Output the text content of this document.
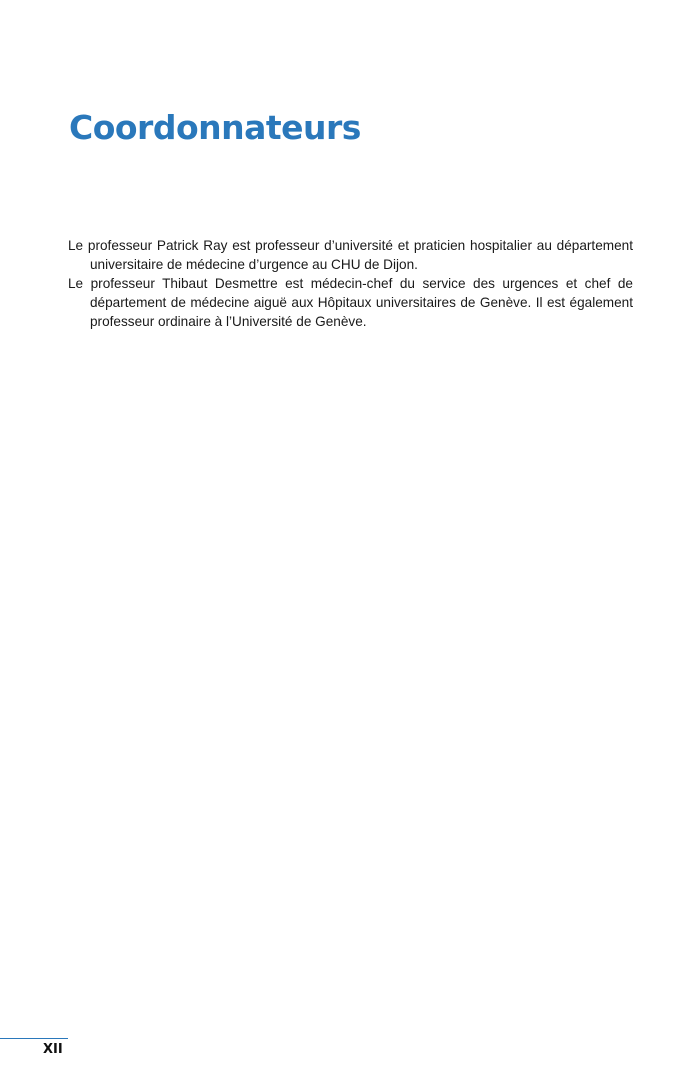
Coordonnateurs

Le professeur Patrick Ray est professeur d’université et praticien hospitalier au département universitaire de médecine d’urgence au CHU de Dijon.

Le professeur Thibaut Desmettre est médecin-chef du service des urgences et chef de département de médecine aiguë aux Hôpitaux universitaires de Genève. Il est également professeur ordinaire à l’Université de Genève.

XII
